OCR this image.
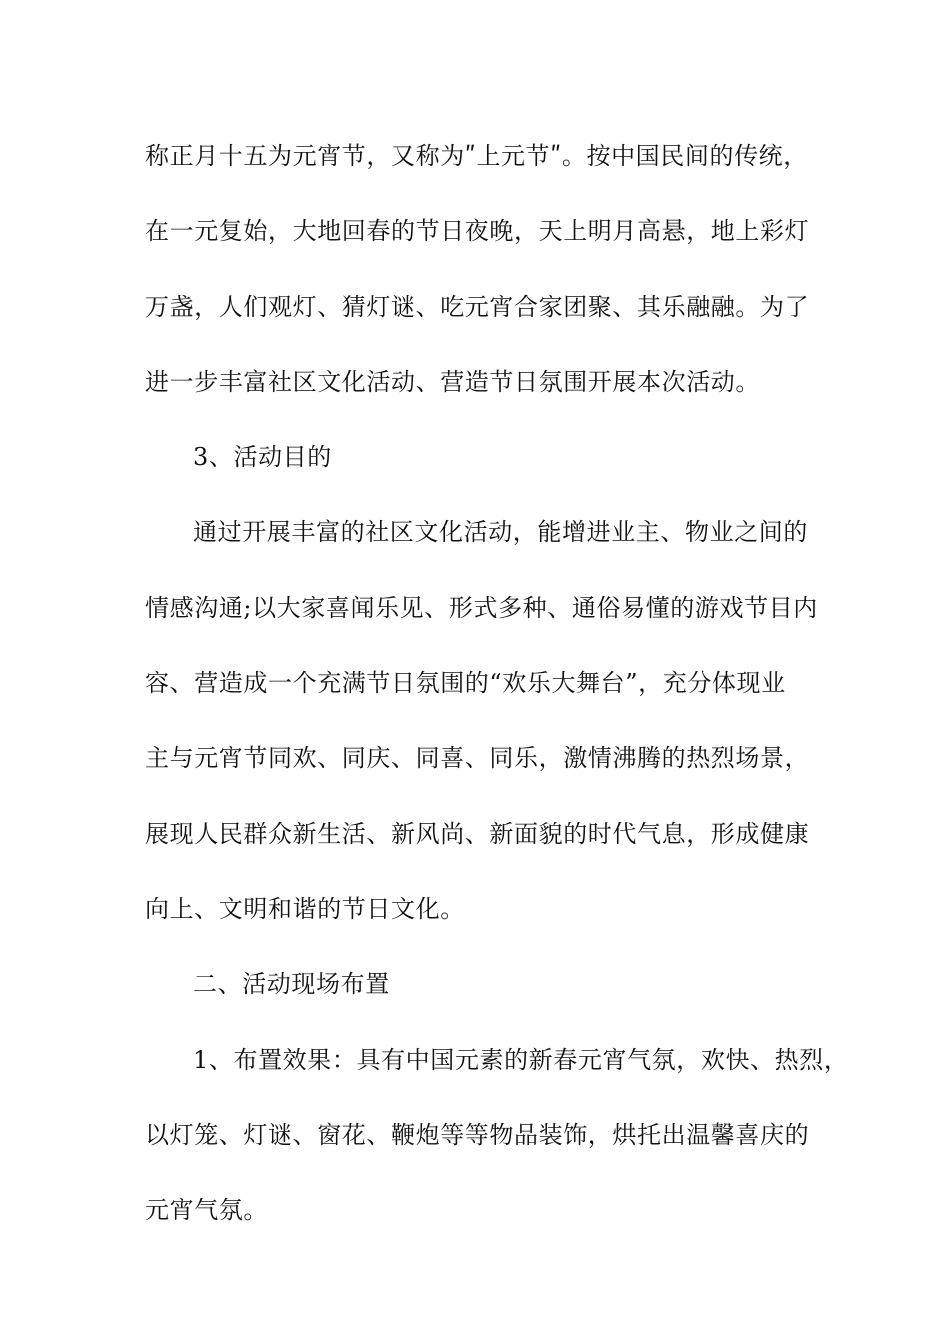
称正月十五为元宵节，又称为ʺ上元节ʺ。按中国民间的传统，
在一元复始，大地回春的节日夜晚，天上明月高悬，地上彩灯
万盏，人们观灯、猜灯谜、吃元宵合家团聚、其乐融融。为了
进一步丰富社区文化活动、营造节日氛围开展本次活动。
3、活动目的
通过开展丰富的社区文化活动，能增进业主、物业之间的
情感沟通;以大家喜闻乐见、形式多种、通俗易懂的游戏节目内
容、营造成一个充满节日氛围的“欢乐大舞台”，充分体现业
主与元宵节同欢、同庆、同喜、同乐，激情沸腾的热烈场景，
展现人民群众新生活、新风尚、新面貌的时代气息，形成健康
向上、文明和谐的节日文化。
二、活动现场布置
1、布置效果：具有中国元素的新春元宵气氛，欢快、热烈，
以灯笼、灯谜、窗花、鞭炮等等物品装饰，烘托出温馨喜庆的
元宵气氛。
